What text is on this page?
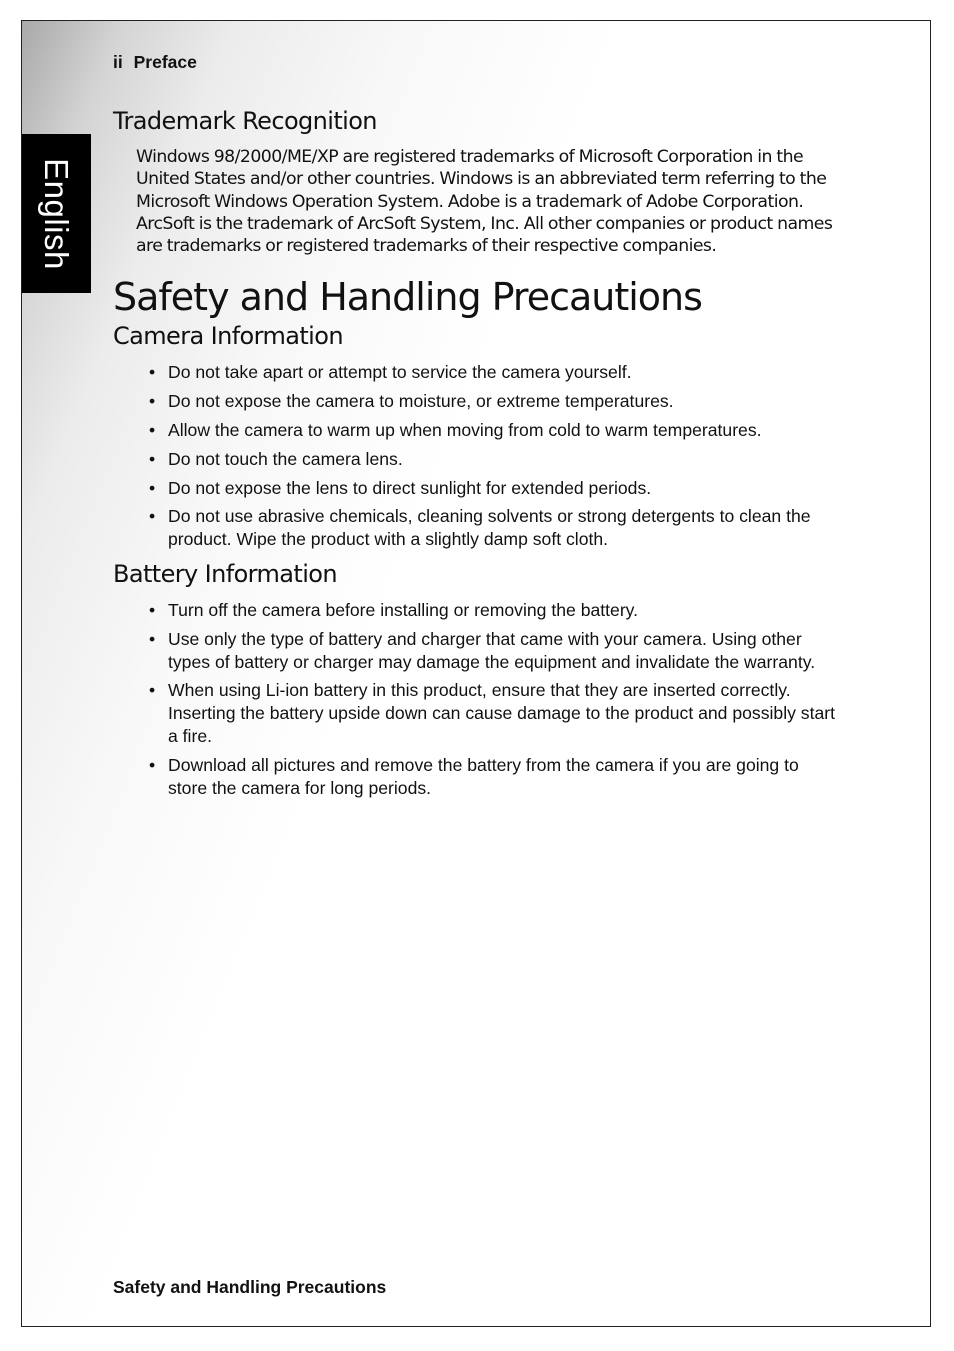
English
ii Preface
Trademark Recognition

Windows 98/2000/ME/XP are registered trademarks of Microsoft Corporation in the United States and/or other countries. Windows is an abbreviated term referring to the Microsoft Windows Operation System. Adobe is a trademark of Adobe Corporation. ArcSoft is the trademark of ArcSoft System, Inc. All other companies or product names are trademarks or registered trademarks of their respective companies.

Safety and Handling Precautions
Camera Information
• Do not take apart or attempt to service the camera yourself.
• Do not expose the camera to moisture, or extreme temperatures.
• Allow the camera to warm up when moving from cold to warm temperatures.
• Do not touch the camera lens.
• Do not expose the lens to direct sunlight for extended periods.
• Do not use abrasive chemicals, cleaning solvents or strong detergents to clean the product. Wipe the product with a slightly damp soft cloth.
Battery Information
• Turn off the camera before installing or removing the battery.
• Use only the type of battery and charger that came with your camera. Using other types of battery or charger may damage the equipment and invalidate the warranty.
• When using Li-ion battery in this product, ensure that they are inserted correctly. Inserting the battery upside down can cause damage to the product and possibly start a fire.
• Download all pictures and remove the battery from the camera if you are going to store the camera for long periods.
Safety and Handling Precautions
